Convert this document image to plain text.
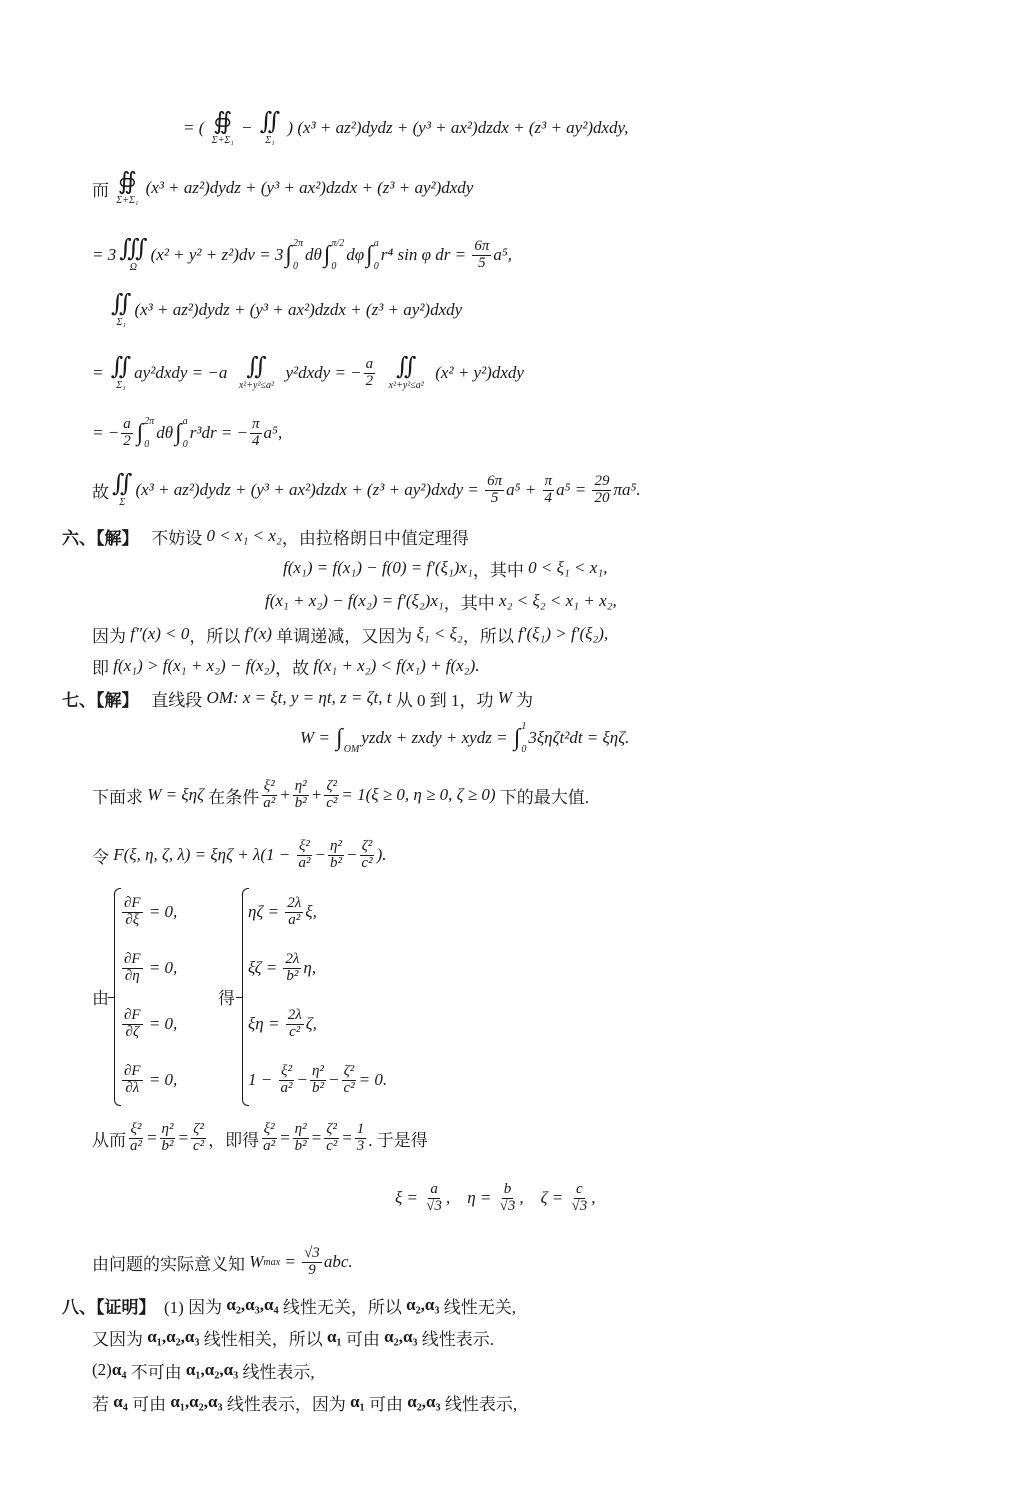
= ( ∯
Σ+Σ₁
− ∬
Σ₁
) (x³ + az²)dydz + (y³ + ax²)dzdx + (z³ + ay²)dxdy,
而 ∯
Σ+Σ₁
(x³ + az²)dydz + (y³ + ax²)dzdx + (z³ + ay²)dxdy
= 3 ∭
Ω
(x² + y² + z²)dv = 3 ∫ 2π
0
dθ ∫ π/2
0
dφ ∫ a
0
r⁴ sin φ dr = $\frac{6\pi}{5} a^5$,
∬
Σ₁
(x³ + az²)dydz + (y³ + ax²)dzdx + (z³ + ay²)dxdy
= ∬
Σ₁
ay²dxdy = −a ∬
x²+y²≤a²
y²dxdy = − $\frac{a}{2}$
∬
x²+y²≤a²
(x² + y²)dxdy
= − $\frac{a}{2}$ ∫ 2π
0
dθ ∫ a
0
r³dr = − $\frac{\pi}{4} a^5$,
故 ∬
Σ
(x³ + az²)dydz + (y³ + ax²)dzdx + (z³ + ay²)dxdy = $\frac{6\pi}{5} a^5 + \frac{\pi}{4} a^5 = \frac{29}{20} \pi a^5$.
六、【解】 不妨设 0 < x₁ < x₂ ，由拉格朗日中值定理得
f(x₁) = f(x₁) − f(0) = f′(ξ₁)x₁ ，其中 0 < ξ₁ < x₁,
f(x₁ + x₂) − f(x₂) = f′(ξ₂)x₁ ，其中 x₂ < ξ₂ < x₁ + x₂,
因为 f″(x) < 0 ，所以 f′(x) 单调递减，又因为 ξ₁ < ξ₂ ，所以 f′(ξ₁) > f′(ξ₂),
即 f(x₁) > f(x₁ + x₂) − f(x₂) ，故 f(x₁ + x₂) < f(x₁) + f(x₂).
七、【解】 直线段 OM: x = ξt, y = ηt, z = ζt, t 从 0 到 1，功 W 为
W = ∫ OM
yzdx + zxdy + xydz = ∫ 1
0
3ξηζt²dt = ξηζ.
下面求 W = ξηζ 在条件 $\frac{\text{ξ²}}{\text{a²}} + \frac{\text{η²}}{\text{b²}} + \frac{\text{ζ²}}{\text{c²}} = 1(\xi \ge 0$, η ≥ 0, ζ ≥ 0) 下的最大值.
令 F(ξ, η, ζ, $\lambda) = \xi\eta\zeta + \lambda(1 - \frac{\text{ξ²}}{\text{a²}} - \frac{\text{η²}}{\text{b²}} - \frac{\text{ζ²}}{\text{c²}}$ ).
由
$\frac{\partial F}{\partial\xi} = 0$,
$\frac{\partial F}{\partial\eta} = 0$,
$\frac{\partial F}{\partial\zeta} = 0$,
$\frac{\partial F}{\partial\lambda} = 0$,
得
$\eta\zeta = \frac{2\lambda}{\text{a²}} \xi$,
$\xi\zeta = \frac{2\lambda}{\text{b²}} \eta$,
$\xi\eta = \frac{2\lambda}{\text{c²}} \zeta$,
$1 - \frac{\text{ξ²}}{\text{a²}} - \frac{\text{η²}}{\text{b²}} - \frac{\text{ζ²}}{\text{c²}} = 0$.
从而 $\frac{\text{ξ²}}{\text{a²}} = \frac{\text{η²}}{\text{b²}} = \frac{\text{ζ²}}{\text{c²}}$ ，即得 $\frac{\text{ξ²}}{\text{a²}} = \frac{\text{η²}}{\text{b²}} = \frac{\text{ζ²}}{\text{c²}} = \frac{1}{3}$ . 于是得
$\xi = \frac{a}{√3}$ ,    $\eta = \frac{b}{√3}$ ,    $\zeta = \frac{c}{√3}$ ,
由问题的实际意义知 W $\max = \frac{√3}{9}$ abc.
八、【证明】 (1) 因为 α₂,α₃,α₄ 线性无关，所以 α₂,α₃ 线性无关,
又因为 α₁,α₂,α₃ 线性相关，所以 α₁ 可由 α₂,α₃ 线性表示.
(2) α₄ 不可由 α₁,α₂,α₃ 线性表示,
若 α₄ 可由 α₁,α₂,α₃ 线性表示，因为 α₁ 可由 α₂,α₃ 线性表示,
